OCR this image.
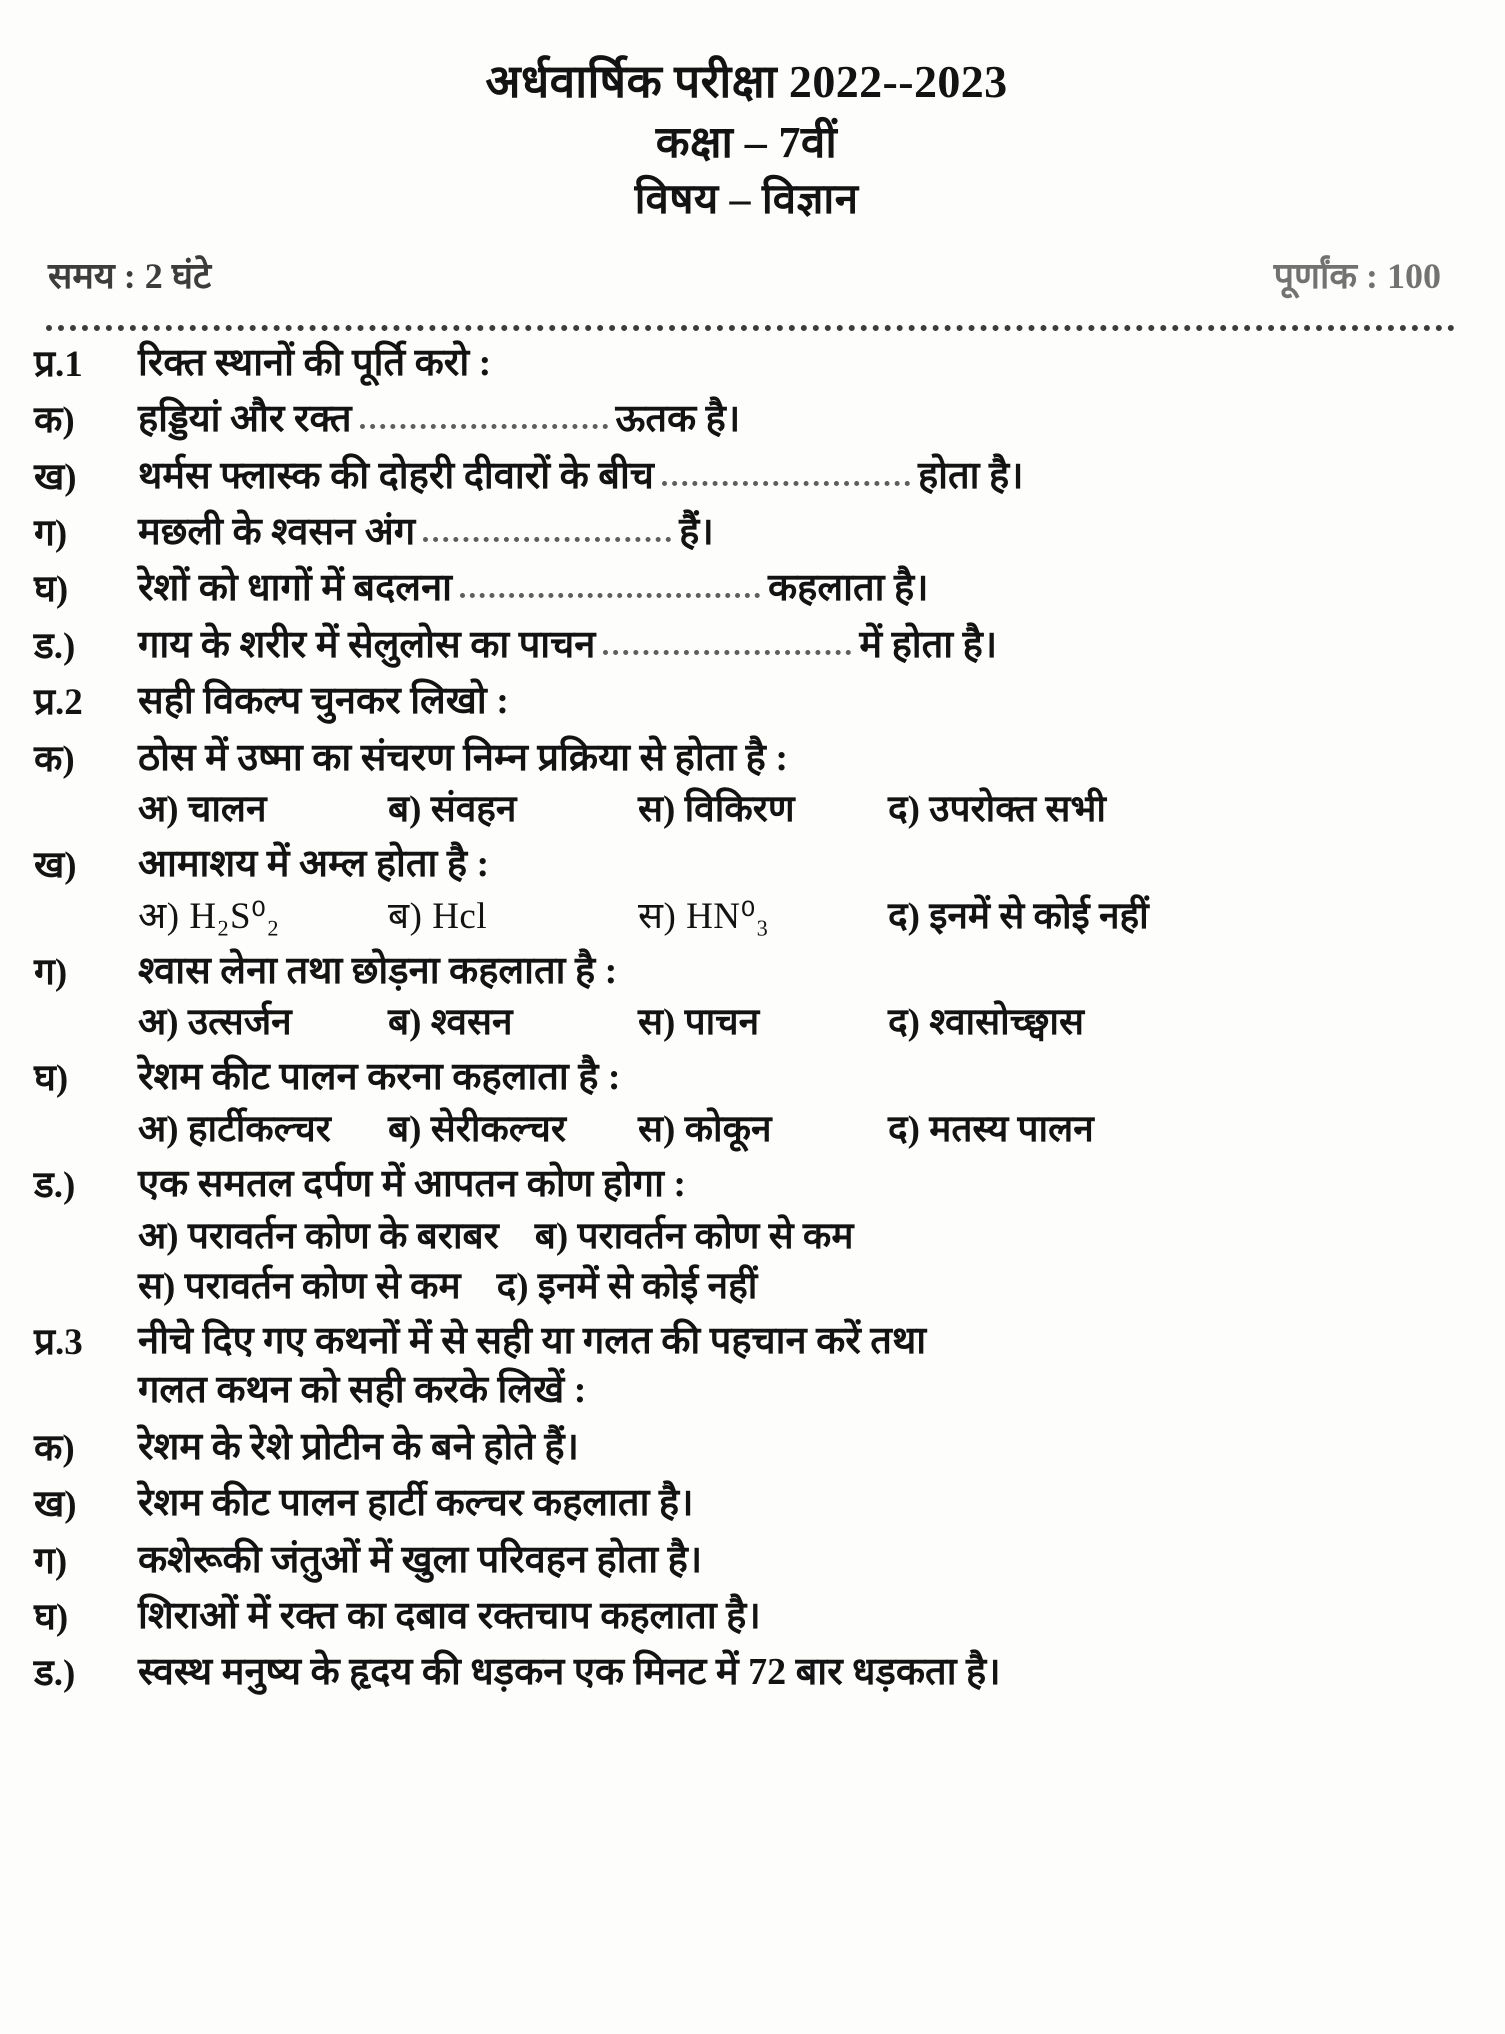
अर्धवार्षिक परीक्षा 2022--2023
कक्षा – 7वीं
विषय – विज्ञान
समय : 2 घंटे	पूर्णांक : 100
प्र.1	रिक्त स्थानों की पूर्ति करो :
क)	हड्डियां और रक्त	ऊतक है।
ख)	थर्मस फ्लास्क की दोहरी दीवारों के बीच	होता है।
ग)	मछली के श्वसन अंग	हैं।
घ)	रेशों को धागों में बदलना	कहलाता है।
ड.)	गाय के शरीर में सेलुलोस का पाचन	में होता है।
प्र.2	सही विकल्प चुनकर लिखो :
क)	ठोस में उष्मा का संचरण निम्न प्रक्रिया से होता है :
अ) चालन	ब) संवहन	स) विकिरण	द) उपरोक्त सभी
ख)	आमाशय में अम्ल होता है :
अ) H₂S⁰₂	ब) Hcl	स) HN⁰₃	द) इनमें से कोई नहीं
ग)	श्वास लेना तथा छोड़ना कहलाता है :
अ) उत्सर्जन	ब) श्वसन	स) पाचन	द) श्वासोच्छ्वास
घ)	रेशम कीट पालन करना कहलाता है :
अ) हार्टीकल्चर	ब) सेरीकल्चर	स) कोकून	द) मतस्य पालन
ड.)	एक समतल दर्पण में आपतन कोण होगा :
अ) परावर्तन कोण के बराबर ब) परावर्तन कोण से कम
स) परावर्तन कोण से कम द) इनमें से कोई नहीं
प्र.3	नीचे दिए गए कथनों में से सही या गलत की पहचान करें तथा
गलत कथन को सही करके लिखें :
क)	रेशम के रेशे प्रोटीन के बने होते हैं।
ख)	रेशम कीट पालन हार्टी कल्चर कहलाता है।
ग)	कशेरूकी जंतुओं में खुला परिवहन होता है।
घ)	शिराओं में रक्त का दबाव रक्तचाप कहलाता है।
ड.)	स्वस्थ मनुष्य के हृदय की धड़कन एक मिनट में 72 बार धड़कता है।
